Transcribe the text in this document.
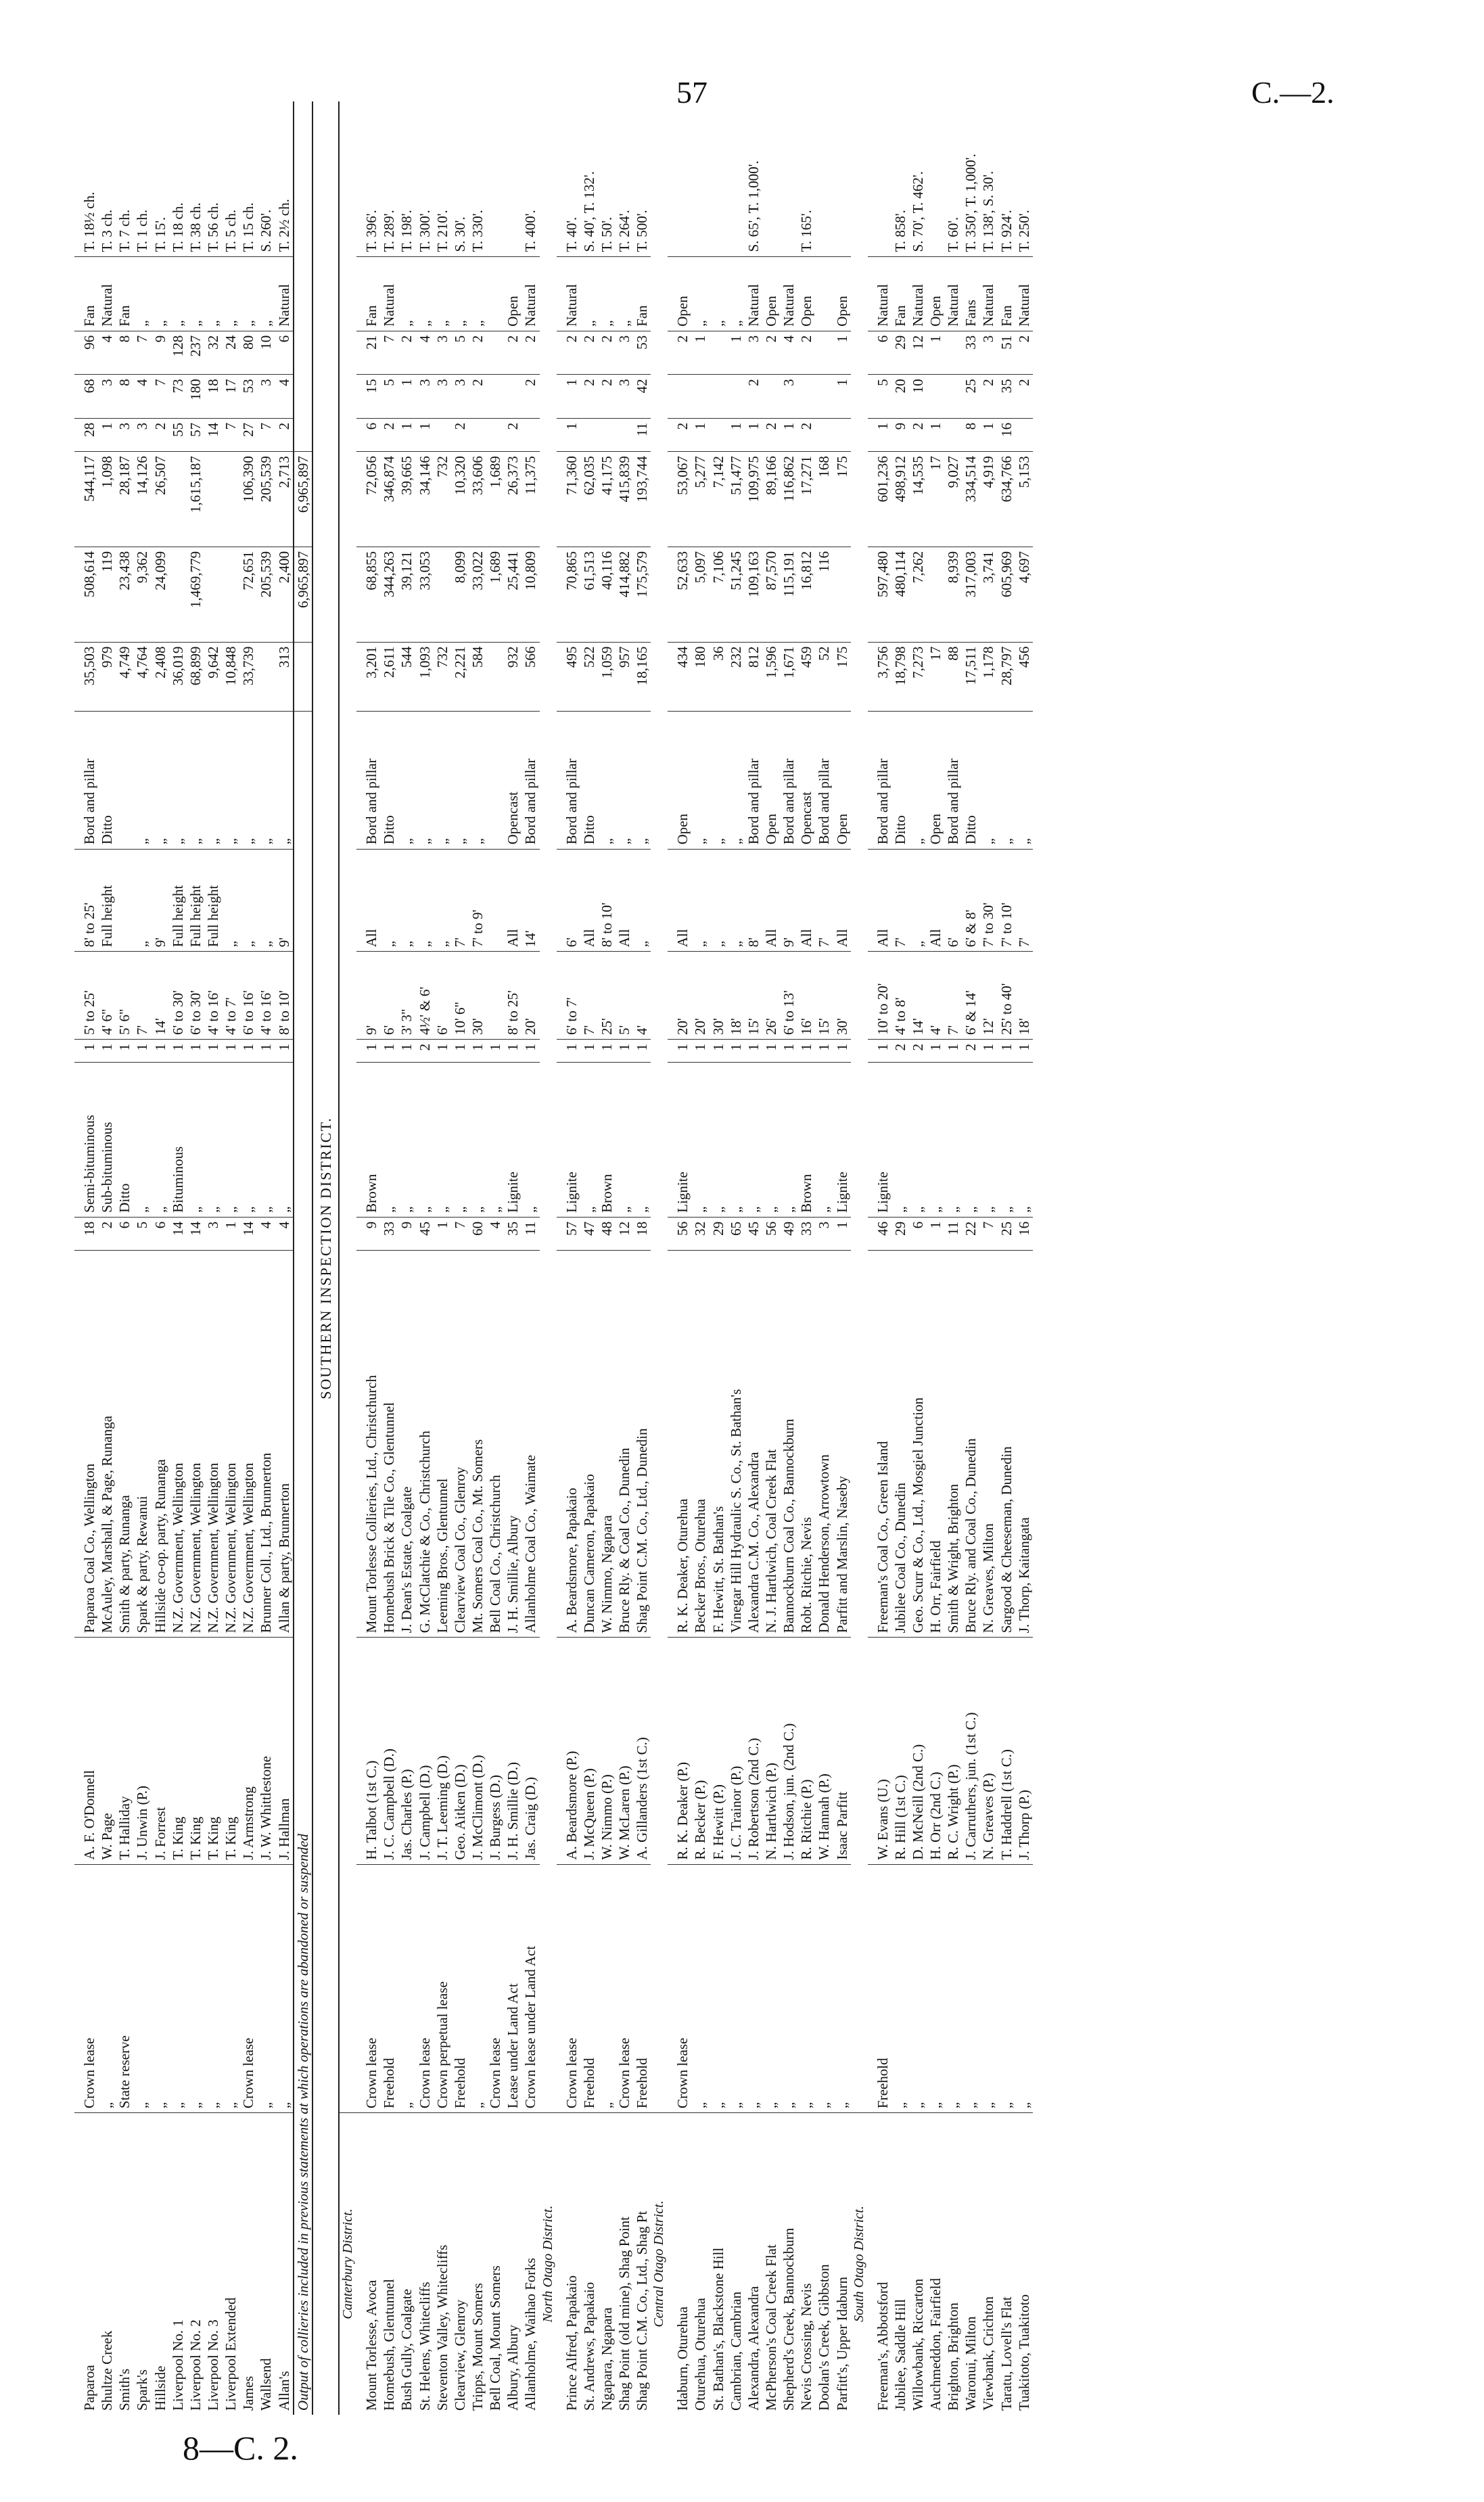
57	C.—2.
8—C. 2.
Paparoa	Crown lease	A. F. O'Donnell	Paparoa Coal Co., Wellington	18	Semi-bituminous	1	5' to 25'	8' to 25'	Bord and pillar	35,503	508,614	544,117	28	68	96	Fan	T. 18½ ch.
Shultze Creek	„	W. Page	McAuley, Marshall, & Page, Runanga	2	Sub-bituminous	1	4' 6"	Full height	Ditto	979	119	1,098	1	3	4	Natural	T. 3 ch.
Smith's	State reserve	T. Halliday	Smith & party, Runanga	6	Ditto	1	5' 6"			4,749	23,438	28,187	3	8	8	Fan	T. 7 ch.
Spark's	„	J. Unwin (P.)	Spark & party, Rewanui	5	„	1	7'	„	„	4,764	9,362	14,126	3	4	7	„	T. 1 ch.
Hillside	„	J. Forrest	Hillside co-op. party, Runanga	6	„	1	14'	9'	„	2,408	24,099	26,507	2	7	9	„	T. 15'.
Liverpool No. 1	„	T. King	N.Z. Government, Wellington	14	Bituminous	1	6' to 30'	Full height	„	36,019			55	73	128	„	T. 18 ch.
Liverpool No. 2	„	T. King	N.Z. Government, Wellington	14	„	1	6' to 30'	Full height	„	68,899	1,469,779	1,615,187	57	180	237	„	T. 38 ch.
Liverpool No. 3	„	T. King	N.Z. Government, Wellington	3	„	1	4' to 16'	Full height	„	9,642			14	18	32	„	T. 56 ch.
Liverpool Extended	„	T. King	N.Z. Government, Wellington	1	„	1	4' to 7'	„	„	10,848			7	17	24	„	T. 5 ch.
James	Crown lease	J. Armstrong	N.Z. Government, Wellington	14	„	1	6' to 16'	„	„	33,739	72,651	106,390	27	53	80	„	T. 15 ch.
Wallsend	„	J. W. Whittlestone	Brunner Coll., Ltd., Brunnerton	4	„	1	4' to 16'	„	„		205,539	205,539	7	3	10	„	S. 260'.
Allan's	„	J. Hallman	Allan & party, Brunnerton	4	„	1	8' to 10'	9'	„	313	2,400	2,713	2	4	6	Natural	T. 2½ ch.
Output of collieries included in previous statements at which operations are abandoned or suspended											6,965,897	6,965,897					
SOUTHERN INSPECTION DISTRICT.																	
Canterbury District.																	
Mount Torlesse, Avoca	Crown lease	H. Talbot (1st C.)	Mount Torlesse Collieries, Ltd., Christchurch	9	Brown	1	9'	All	Bord and pillar	3,201	68,855	72,056	6	15	21	Fan	T. 396'.
Homebush, Glentunnel	Freehold	J. C. Campbell (D.)	Homebush Brick & Tile Co., Glentunnel	33	„	1	6'	„	Ditto	2,611	344,263	346,874	2	5	7	Natural	T. 289'.
Bush Gully, Coalgate	„	Jas. Charles (P.)	J. Dean's Estate, Coalgate	9	„	1	3' 3"	„	„	544	39,121	39,665	1	1	2	„	T. 198'.
St. Helens, Whitecliffs	Crown lease	J. Campbell (D.)	G. McClatchie & Co., Christchurch	45	„	2	4½' & 6'	„	„	1,093	33,053	34,146	1	3	4	„	T. 300'.
Steventon Valley, Whitecliffs	Crown perpetual lease	J. T. Leeming (D.)	Leeming Bros., Glentunnel	1	„	1	6'	„	„	732		732		3	3	„	T. 210'.
Clearview, Glenroy	Freehold	Geo. Aitken (D.)	Clearview Coal Co., Glenroy	7	„	1	10' 6"	7'	„	2,221	8,099	10,320	2	3	5	„	S. 30'.
Tripps, Mount Somers	„	J. McClimont (D.)	Mt. Somers Coal Co., Mt. Somers	60	„	1	30'	7' to 9'	„	584	33,022	33,606		2	2	„	T. 330'.
Bell Coal, Mount Somers	Crown lease	J. Burgess (D.)	Bell Coal Co., Christchurch	4	„	1					1,689	1,689					
Albury, Albury	Lease under Land Act	J. H. Smillie (D.)	J. H. Smillie, Albury	35	Lignite	1	8' to 25'	All	Opencast	932	25,441	26,373	2		2	Open	
Allanholme, Waihao Forks	Crown lease under Land Act	Jas. Craig (D.)	Allanholme Coal Co., Waimate	11	„	1	20'	14'	Bord and pillar	566	10,809	11,375		2	2	Natural	T. 400'.
North Otago District.																	
Prince Alfred, Papakaio	Crown lease	A. Beardsmore (P.)	A. Beardsmore, Papakaio	57	Lignite	1	6' to 7'	6'	Bord and pillar	495	70,865	71,360	1	1	2	Natural	T. 40'.
St. Andrews, Papakaio	Freehold	J. McQueen (P.)	Duncan Cameron, Papakaio	47	„	1	7'	All	Ditto	522	61,513	62,035		2	2	„	S. 40', T. 132'.
Ngapara, Ngapara	„	W. Nimmo (P.)	W. Nimmo, Ngapara	48	Brown	1	25'	8' to 10'	„	1,059	40,116	41,175		2	2	„	T. 50'.
Shag Point (old mine), Shag Point	Crown lease	W. McLaren (P.)	Bruce Rly. & Coal Co., Dunedin	12	„	1	5'	All	„	957	414,882	415,839		3	3	„	T. 264'.
Shag Point C.M. Co., Ltd., Shag Pt	Freehold	A. Gillanders (1st C.)	Shag Point C.M. Co., Ltd., Dunedin	18	„	1	4'	„	„	18,165	175,579	193,744	11	42	53	Fan	T. 500'.
Central Otago District.																	
Idaburn, Oturehua	Crown lease	R. K. Deaker (P.)	R. K. Deaker, Oturehua	56	Lignite	1	20'	All	Open	434	52,633	53,067	2		2	Open	
Oturehua, Oturehua	„	R. Becker (P.)	Becker Bros., Oturehua	32	„	1	20'	„	„	180	5,097	5,277	1		1	„	
St. Bathan's, Blackstone Hill	„	F. Hewitt (P.)	F. Hewitt, St. Bathan's	29	„	1	30'	„	„	36	7,106	7,142				„	
Cambrian, Cambrian	„	J. C. Trainor (P.)	Vinegar Hill Hydraulic S. Co., St. Bathan's	65	„	1	18'	„	„	232	51,245	51,477	1		1	„	
Alexandra, Alexandra	„	J. Robertson (2nd C.)	Alexandra C.M. Co., Alexandra	45	„	1	15'	8'	Bord and pillar	812	109,163	109,975	1	2	3	Natural	S. 65', T. 1,000'.
McPherson's Coal Creek Flat	„	N. Hartlwich (P.)	N. J. Hartlwich, Coal Creek Flat	56	„	1	26'	All	Open	1,596	87,570	89,166	2		2	Open	
Shepherd's Creek, Bannockburn	„	J. Hodson, jun. (2nd C.)	Bannockburn Coal Co., Bannockburn	49	„	1	6' to 13'	9'	Bord and pillar	1,671	115,191	116,862	1	3	4	Natural	
Nevis Crossing, Nevis	„	R. Ritchie (P.)	Robt. Ritchie, Nevis	33	Brown	1	16'	All	Opencast	459	16,812	17,271	2		2	Open	T. 165'.
Doolan's Creek, Gibbston	„	W. Hannah (P.)	Donald Henderson, Arrowtown	3	„	1	15'	7'	Bord and pillar	52	116	168					
Parfitt's, Upper Idaburn	„	Isaac Parfitt	Parfitt and Marslin, Naseby	1	Lignite	1	30'	All	Open	175		175		1	1	Open	
South Otago District.																	
Freeman's, Abbotsford	Freehold	W. Evans (U.)	Freeman's Coal Co., Green Island	46	Lignite	1	10' to 20'	All	Bord and pillar	3,756	597,480	601,236	1	5	6	Natural	
Jubilee, Saddle Hill	„	R. Hill (1st C.)	Jubilee Coal Co., Dunedin	29	„	2	4' to 8'	7'	Ditto	18,798	480,114	498,912	9	20	29	Fan	T. 858'.
Willowbank, Riccarton	„	D. McNeill (2nd C.)	Geo. Scurr & Co., Ltd., Mosgiel Junction	6	„	2	14'	„	„	7,273	7,262	14,535	2	10	12	Natural	S. 70', T. 462'.
Auchmeddon, Fairfield	„	H. Orr (2nd C.)	H. Orr, Fairfield	1	„	1	4'	All	Open	17		17	1		1	Open	
Brighton, Brighton	„	R. C. Wright (P.)	Smith & Wright, Brighton	11	„	1	7'	6'	Bord and pillar	88	8,939	9,027				Natural	T. 60'.
Waronui, Milton	„	J. Carruthers, jun. (1st C.)	Bruce Rly. and Coal Co., Dunedin	22	„	2	6' & 14'	6' & 8'	Ditto	17,511	317,003	334,514	8	25	33	Fans	T. 350', T. 1,000'.
Viewbank, Crichton	„	N. Greaves (P.)	N. Greaves, Milton	7	„	1	12'	7' to 30'	„	1,178	3,741	4,919	1	2	3	Natural	T. 138', S. 30'.
Taratu, Lovell's Flat	„	T. Haddrell (1st C.)	Sargood & Cheeseman, Dunedin	25	„	1	25' to 40'	7' to 10'	„	28,797	605,969	634,766	16	35	51	Fan	T. 924'.
Tuakitoto, Tuakitoto	„	J. Thorp (P.)	J. Thorp, Kaitangata	16	„	1	18'	7'	„	456	4,697	5,153		2	2	Natural	T. 250'.
